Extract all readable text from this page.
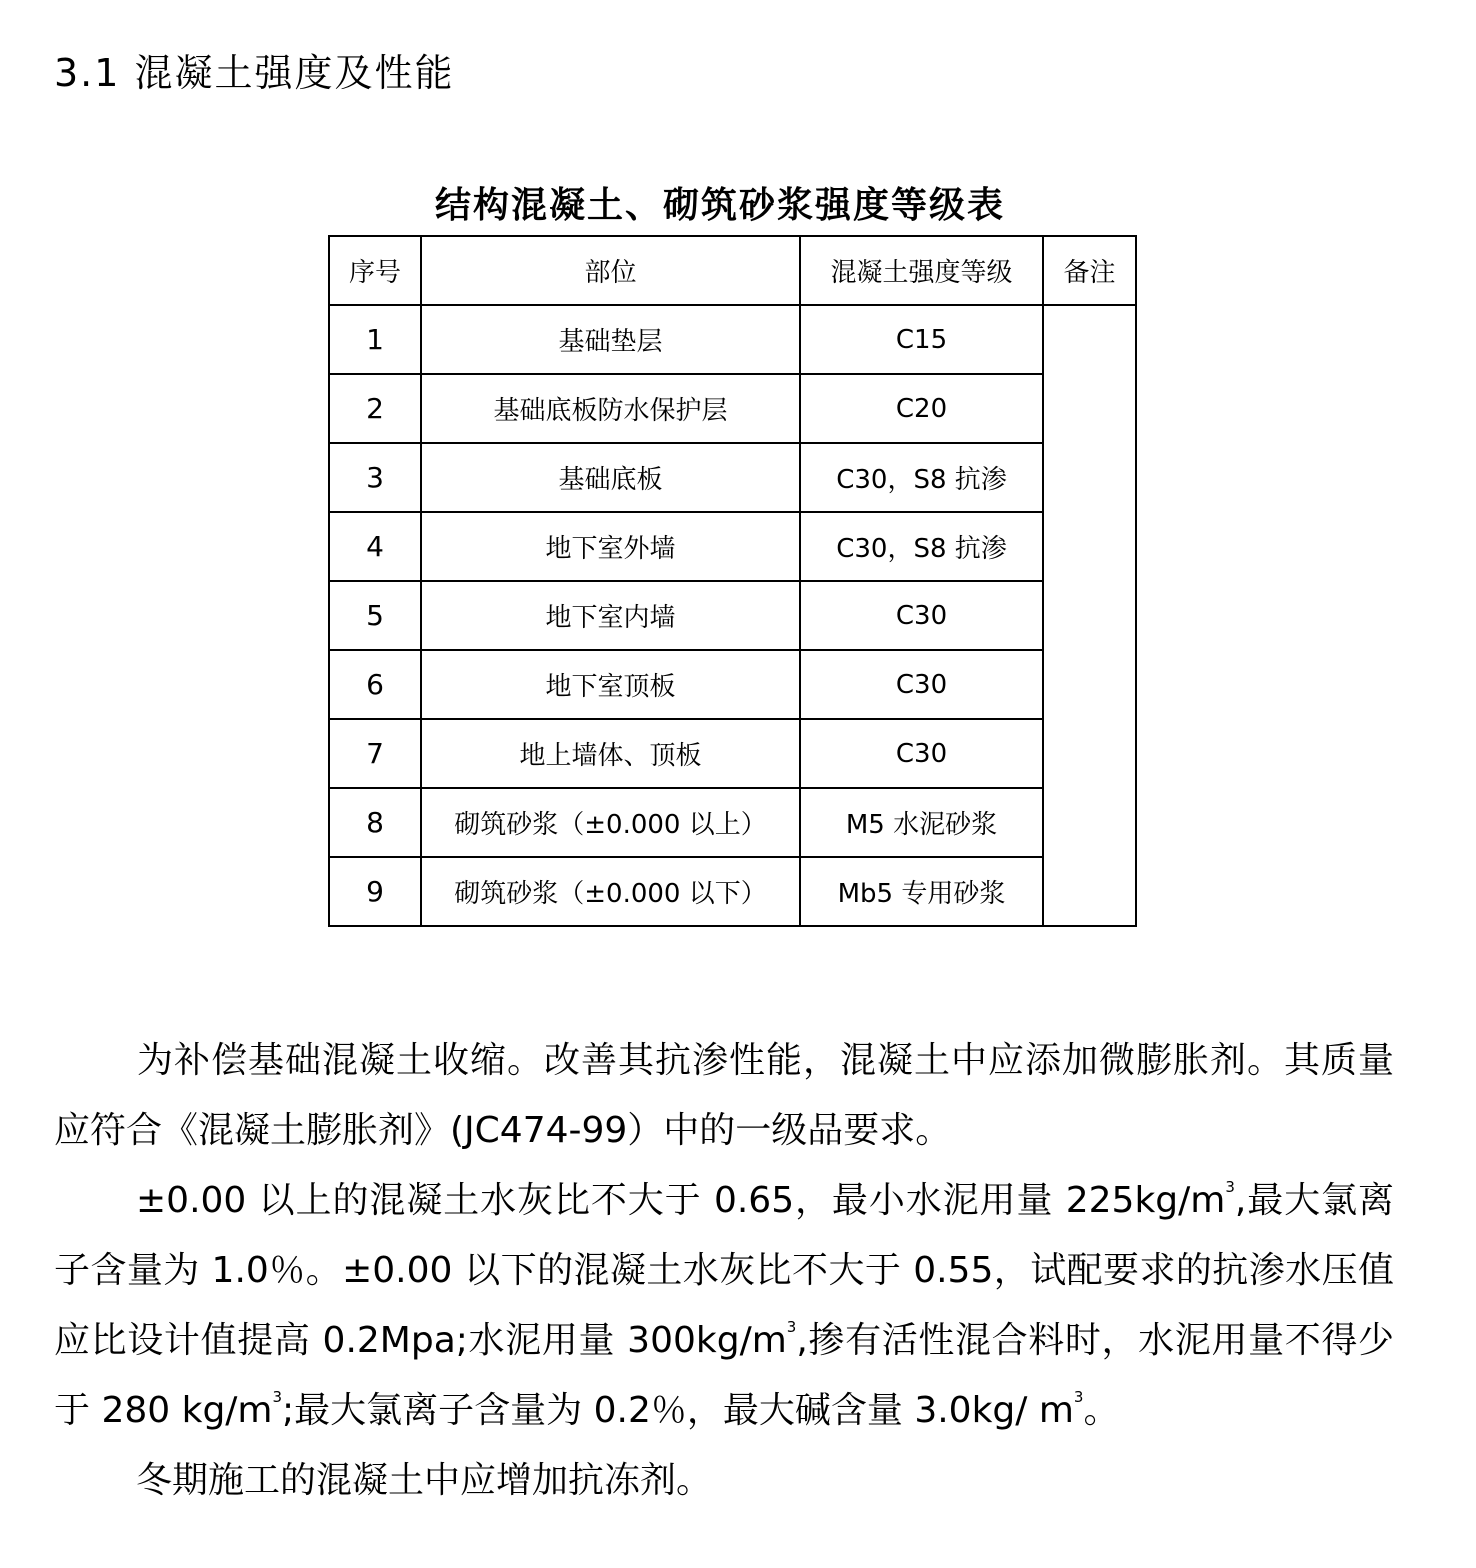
3.1 混凝土强度及性能
结构混凝土、砌筑砂浆强度等级表
序号	部位	混凝土强度等级	备注
1	基础垫层	C15	
2	基础底板防水保护层	C20	
3	基础底板	C30，S8 抗渗	
4	地下室外墙	C30，S8 抗渗	
5	地下室内墙	C30	
6	地下室顶板	C30	
7	地上墙体、顶板	C30	
8	砌筑砂浆（±0.000 以上）	M5 水泥砂浆	
9	砌筑砂浆（±0.000 以下）	Mb5 专用砂浆	
为补偿基础混凝土收缩。改善其抗渗性能，混凝土中应添加微膨胀剂。其质量应符合《混凝土膨胀剂》(JC474-99）中的一级品要求。
±0.00 以上的混凝土水灰比不大于 0.65，最小水泥用量 $225kg/m^3$,最大氯离子含量为 1.0％。±0.00 以下的混凝土水灰比不大于 0.55，试配要求的抗渗水压值应比设计值提高 0.2Mpa;水泥用量 $300kg/m^3$,掺有活性混合料时，水泥用量不得少于 280 $kg/m^3$;最大氯离子含量为 0.2％，最大碱含量 3.0kg/ $m^3$。
冬期施工的混凝土中应增加抗冻剂。
